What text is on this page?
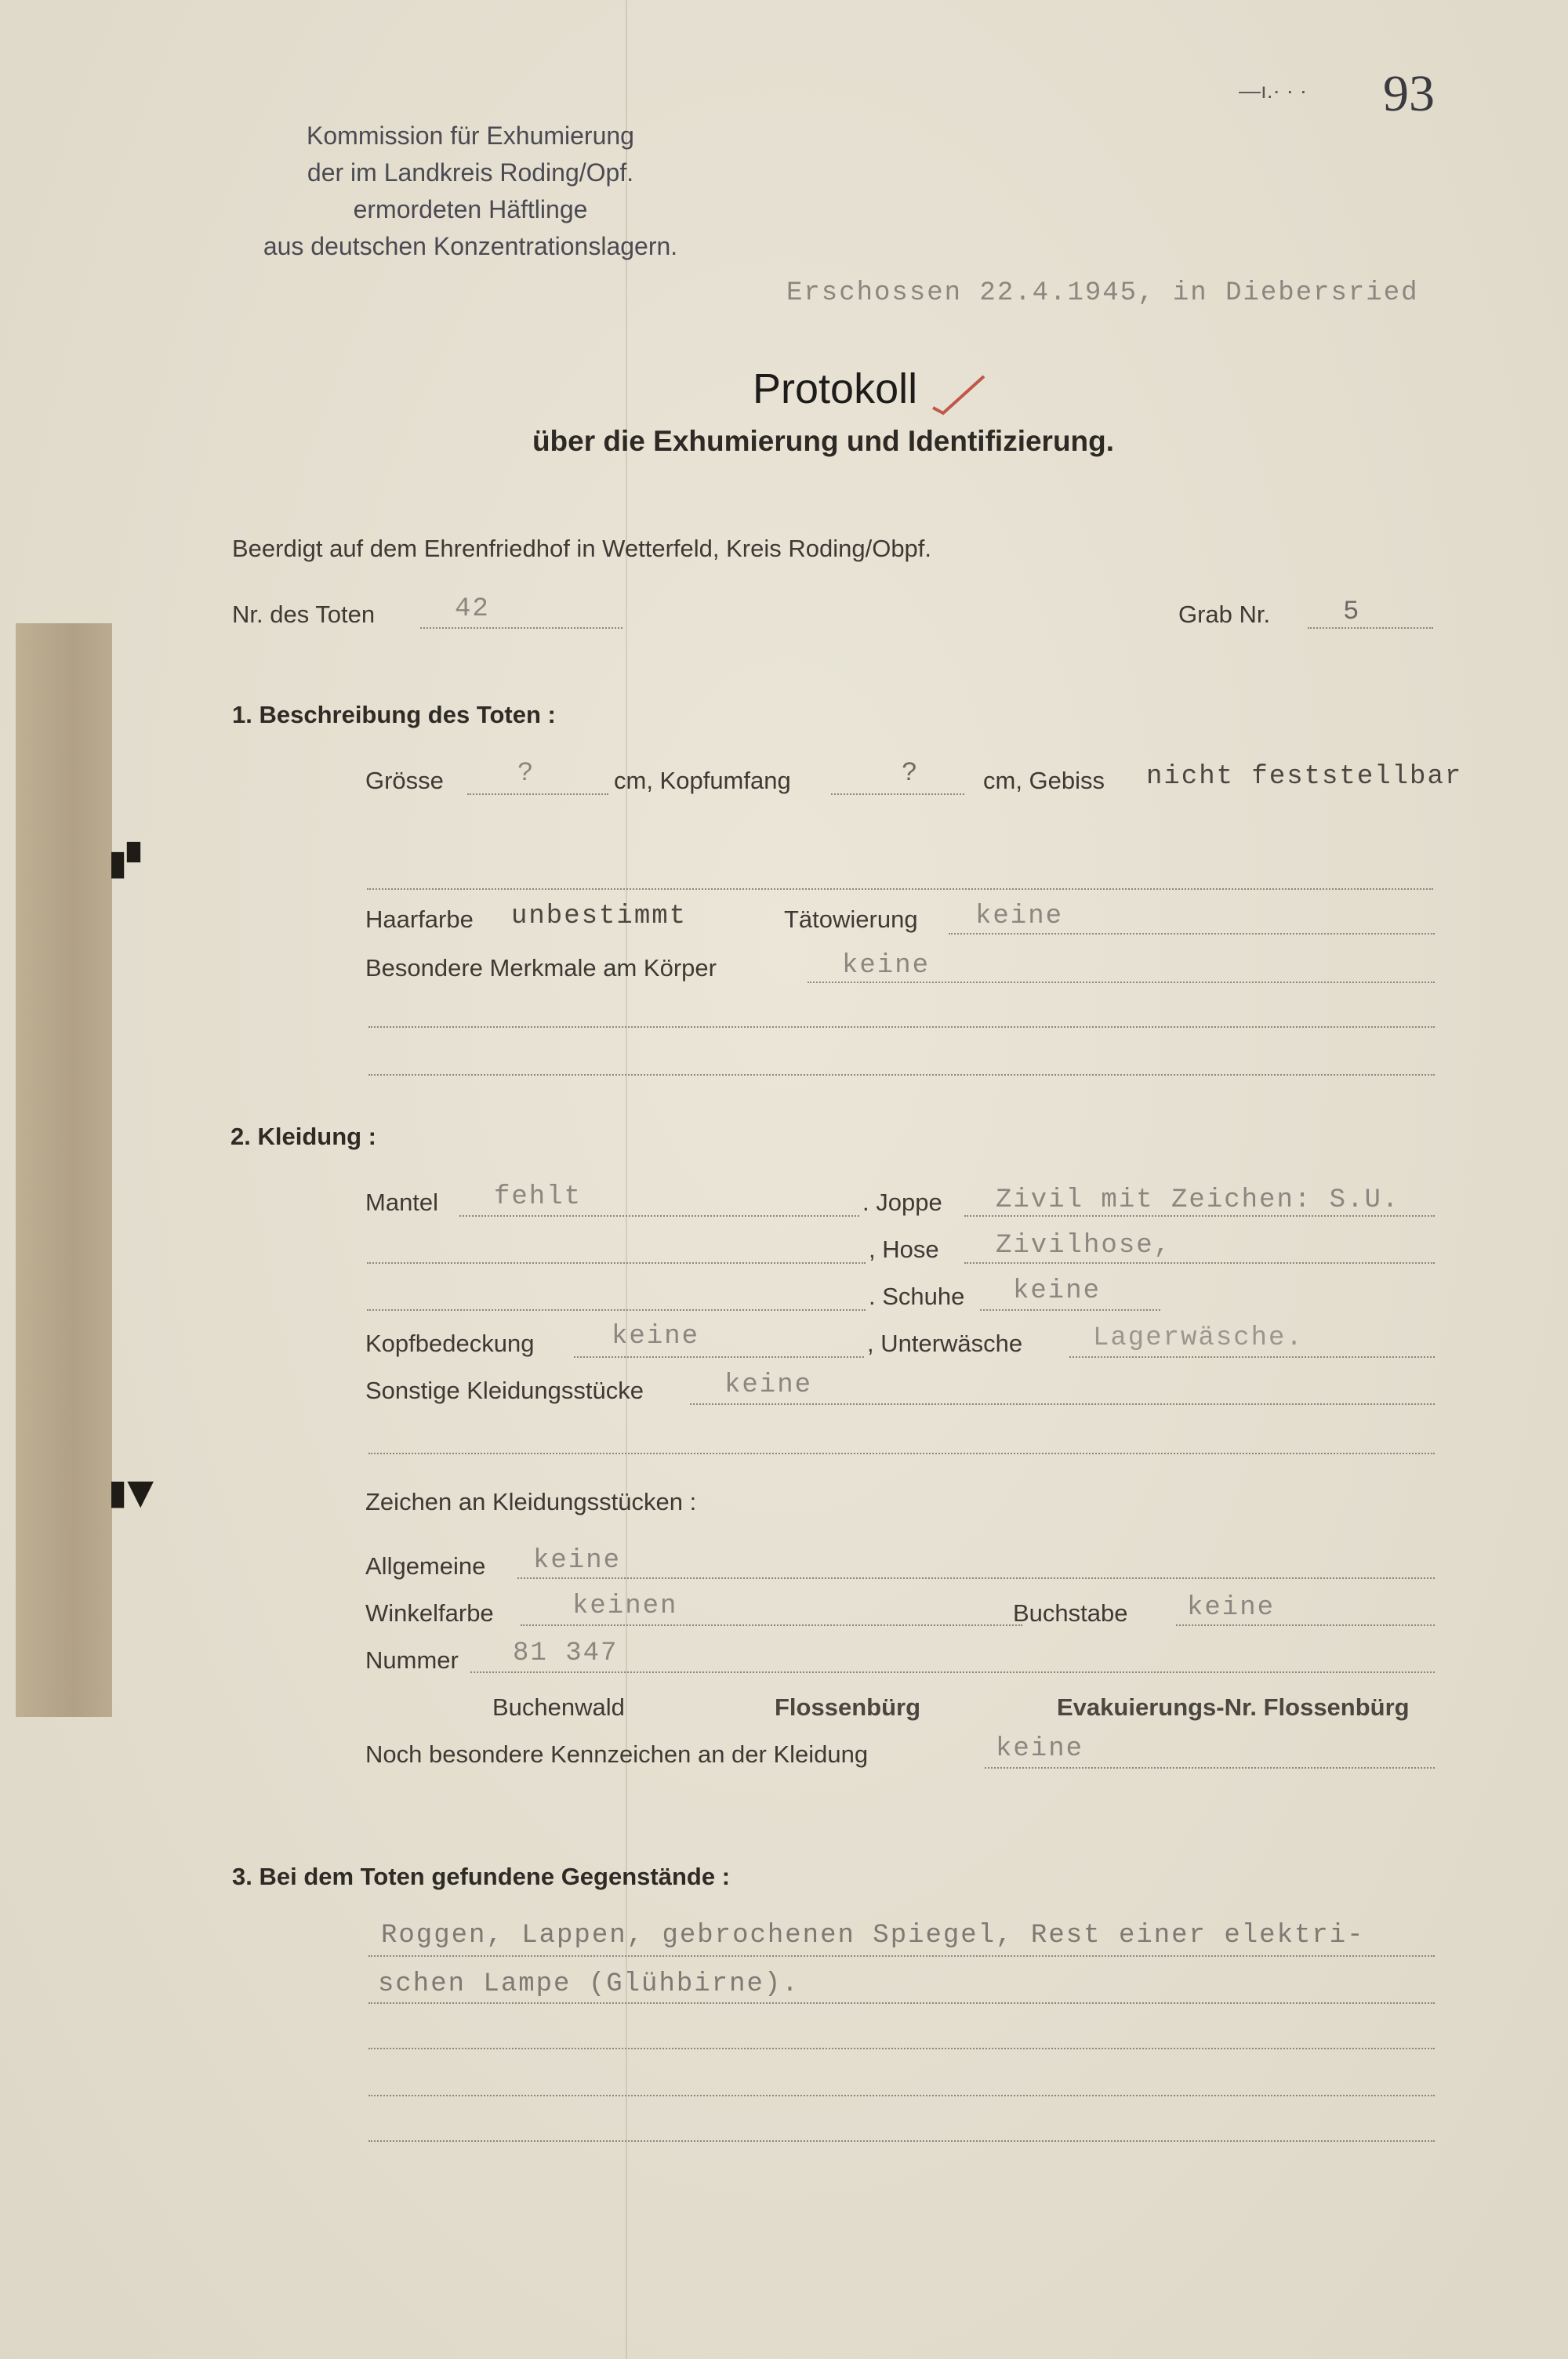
▮▘
▮▼
Kommission für Exhumierung
der im Landkreis Roding/Opf.
ermordeten Häftlinge
aus deutschen Konzentrationslagern.
—ı.· · · 93
Erschossen 22.4.1945, in Diebersried
Protokoll
über die Exhumierung und Identifizierung.
Beerdigt auf dem Ehrenfriedhof in Wetterfeld, Kreis Roding/Obpf.
Nr. des Toten	42	Grab Nr.	5
1. Beschreibung des Toten :
Grösse	?	cm, Kopfumfang	?	cm, Gebiss nicht feststellbar
Haarfarbe unbestimmt	Tätowierung keine
Besondere Merkmale am Körper	keine
2. Kleidung :
Mantel fehlt	. Joppe Zivil mit Zeichen: S.U.
, Hose Zivilhose,
. Schuhe keine
Kopfbedeckung	keine	, Unterwäsche	Lagerwäsche.
Sonstige Kleidungsstücke	keine
Zeichen an Kleidungsstücken :
Allgemeine keine
Winkelfarbe	keinen	Buchstabe keine
Nummer 81 347
Buchenwald	Flossenbürg	Evakuierungs-Nr. Flossenbürg
Noch besondere Kennzeichen an der Kleidung	keine
3. Bei dem Toten gefundene Gegenstände :
Roggen, Lappen, gebrochenen Spiegel, Rest einer elektri-
schen Lampe (Glühbirne).
